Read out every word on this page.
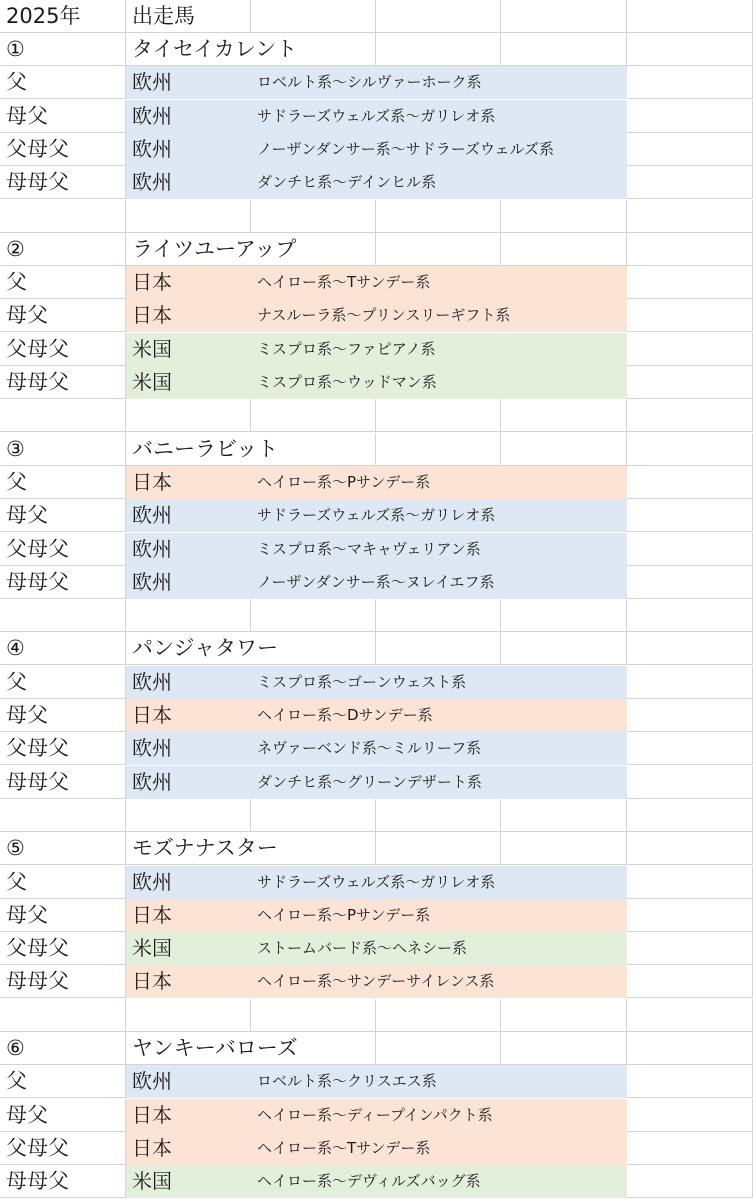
2025年 出走馬
①	タイセイカレント
父	欧州	ロベルト系〜シルヴァーホーク系
母父	欧州	サドラーズウェルズ系〜ガリレオ系
父母父	欧州	ノーザンダンサー系〜サドラーズウェルズ系
母母父	欧州	ダンチヒ系〜デインヒル系
②	ライツユーアップ
父	日本	ヘイロー系〜Tサンデー系
母父	日本	ナスルーラ系〜プリンスリーギフト系
父母父	米国	ミスプロ系〜ファピアノ系
母母父	米国	ミスプロ系〜ウッドマン系
③	バニーラビット
父	日本	ヘイロー系〜Pサンデー系
母父	欧州	サドラーズウェルズ系〜ガリレオ系
父母父	欧州	ミスプロ系〜マキャヴェリアン系
母母父	欧州	ノーザンダンサー系〜ヌレイエフ系
④	パンジャタワー
父	欧州	ミスプロ系〜ゴーンウェスト系
母父	日本	ヘイロー系〜Dサンデー系
父母父	欧州	ネヴァーベンド系〜ミルリーフ系
母母父	欧州	ダンチヒ系〜グリーンデザート系
⑤	モズナナスター
父	欧州	サドラーズウェルズ系〜ガリレオ系
母父	日本	ヘイロー系〜Pサンデー系
父母父	米国	ストームバード系〜ヘネシー系
母母父	日本	ヘイロー系〜サンデーサイレンス系
⑥	ヤンキーバローズ
父	欧州	ロベルト系〜クリスエス系
母父	日本	ヘイロー系〜ディープインパクト系
父母父	日本	ヘイロー系〜Tサンデー系
母母父	米国	ヘイロー系〜デヴィルズバッグ系
